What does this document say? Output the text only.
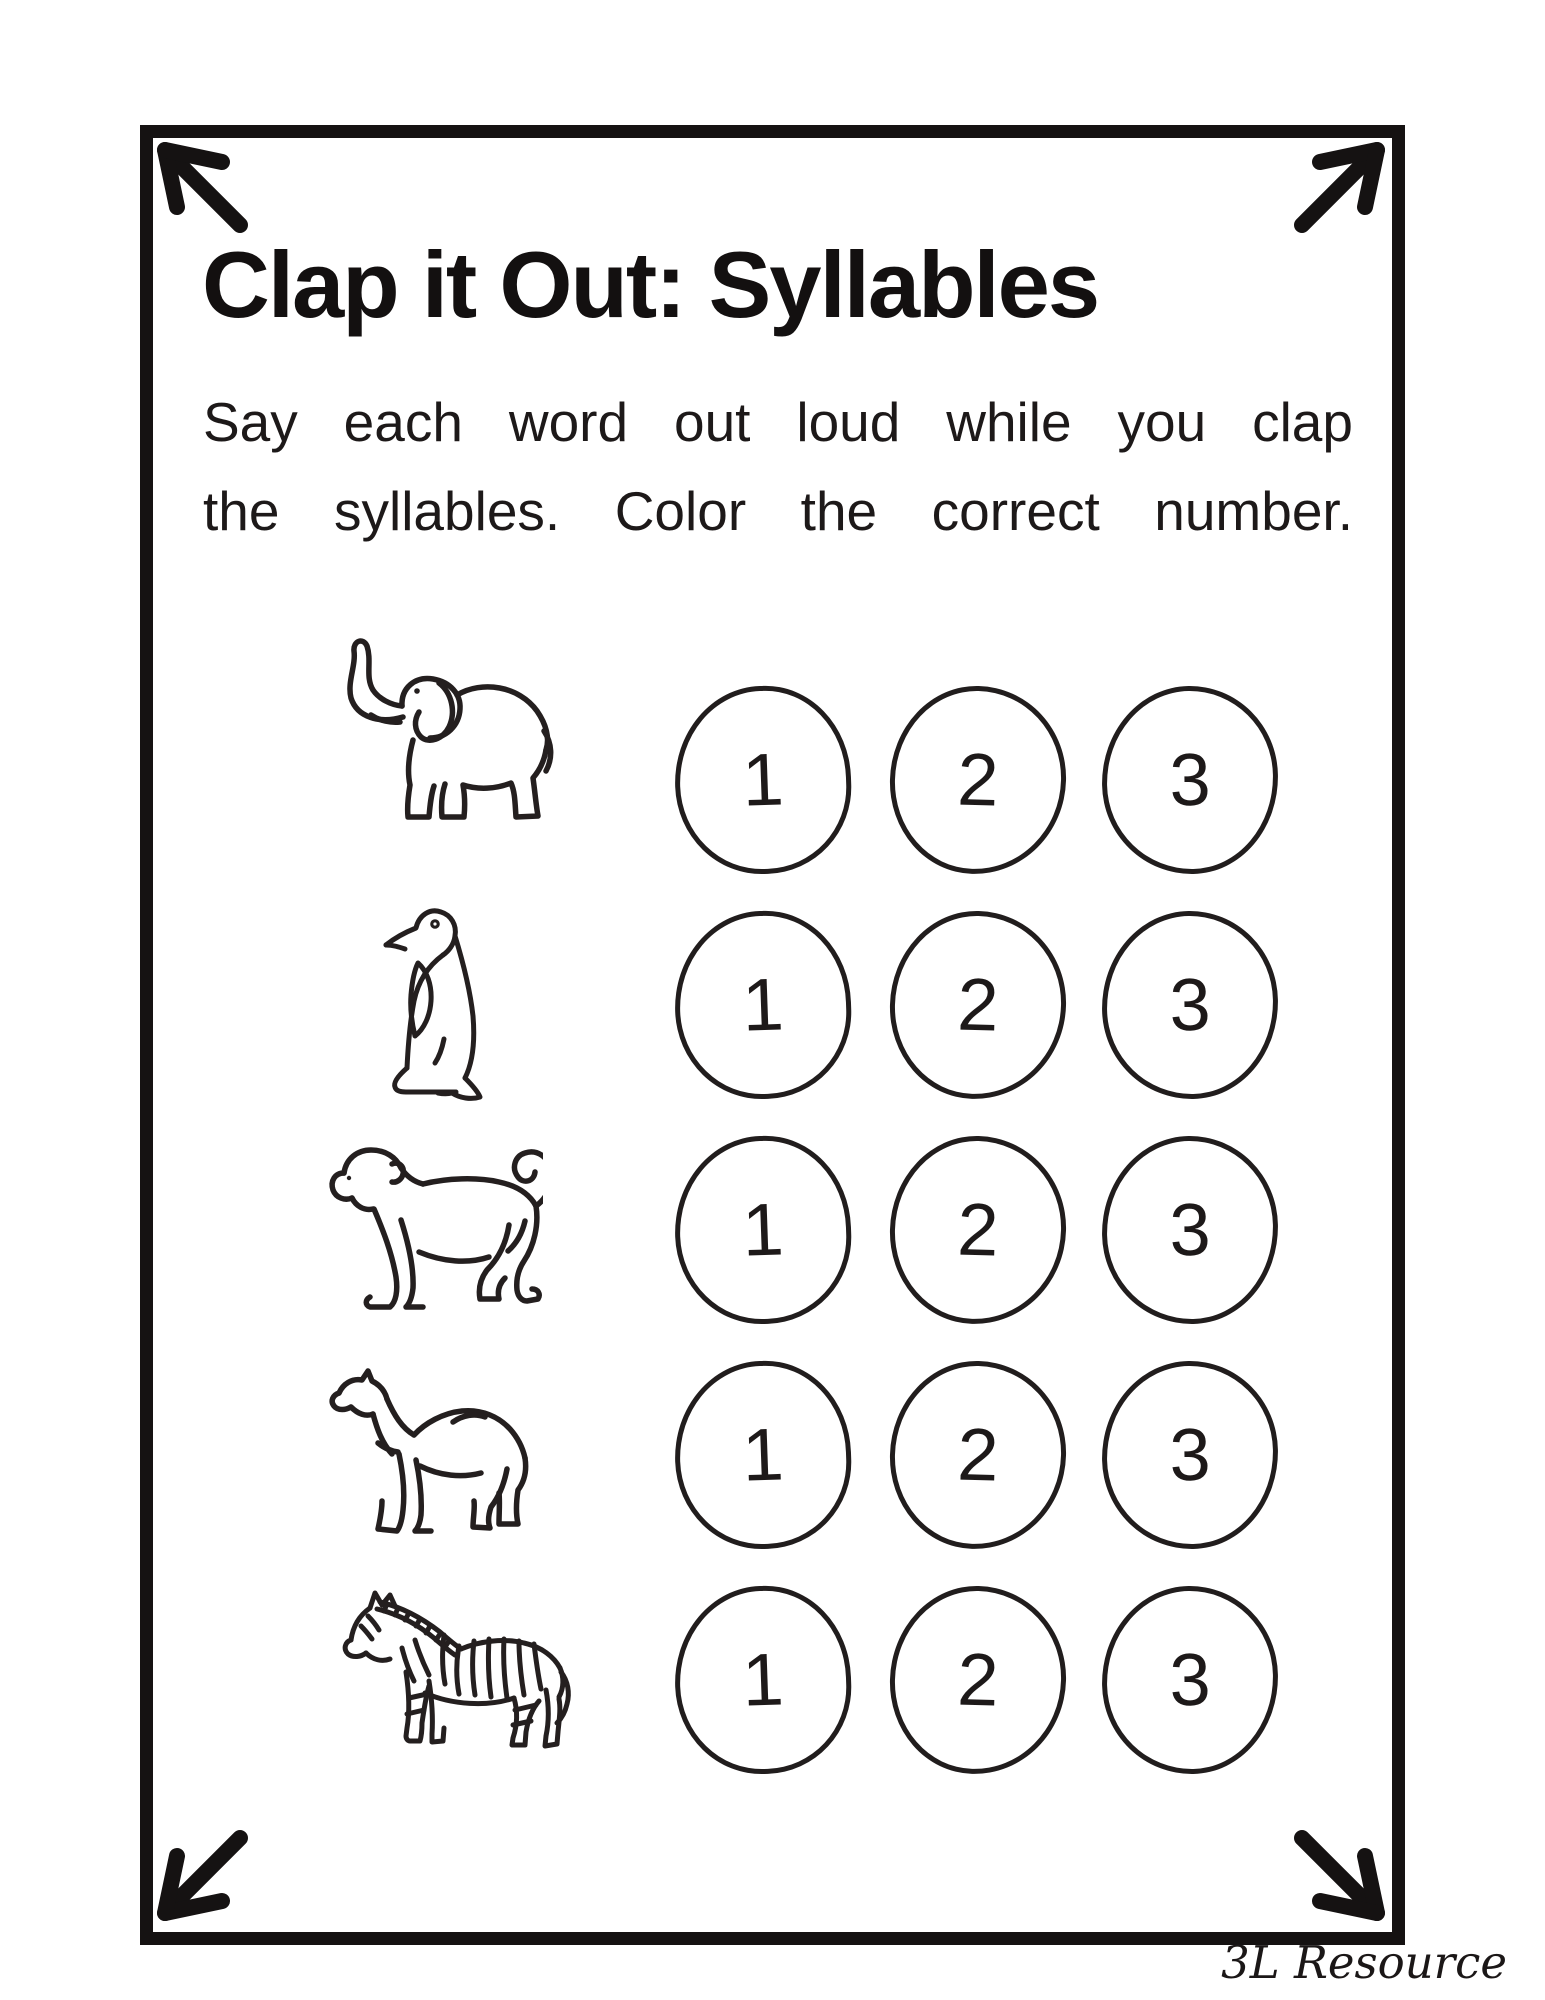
Clap it Out: Syllables
Say each word out loud while you clap
the syllables. Color the correct number.
1 2 3
1 2 3
1 2 3
1 2 3
1 2 3
3L Resource
